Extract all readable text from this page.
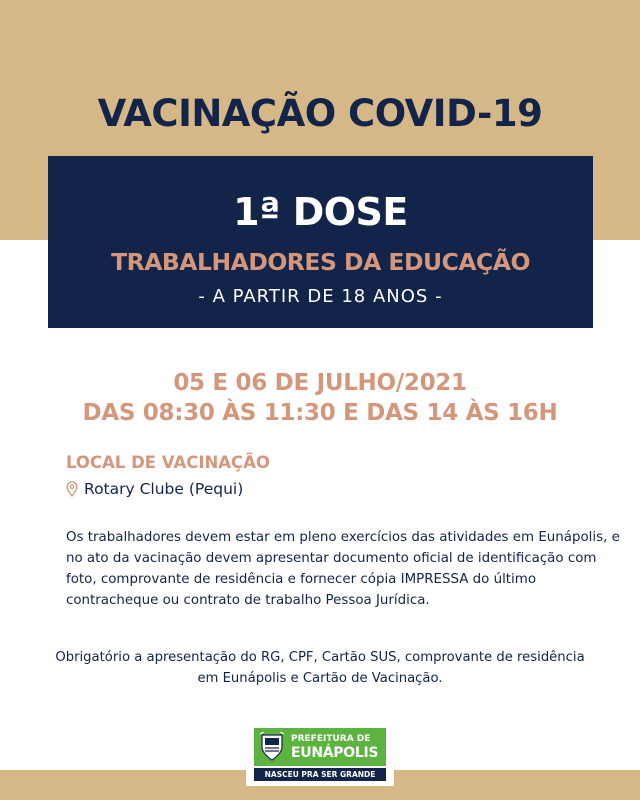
VACINAÇÃO COVID-19
1ª DOSE
TRABALHADORES DA EDUCAÇÃO
- A PARTIR DE 18 ANOS -
05 E 06 DE JULHO/2021
DAS 08:30 ÀS 11:30 E DAS 14 ÀS 16H
LOCAL DE VACINAÇÃO
Rotary Clube (Pequi)
Os trabalhadores devem estar em pleno exercícios das atividades em Eunápolis, e
no ato da vacinação devem apresentar documento oficial de identificação com
foto, comprovante de residência e fornecer cópia IMPRESSA do último
contracheque ou contrato de trabalho Pessoa Jurídica.
Obrigatório a apresentação do RG, CPF, Cartão SUS, comprovante de residência
em Eunápolis e Cartão de Vacinação.
PREFEITURA DE
EUNÁPOLIS
NASCEU PRA SER GRANDE
